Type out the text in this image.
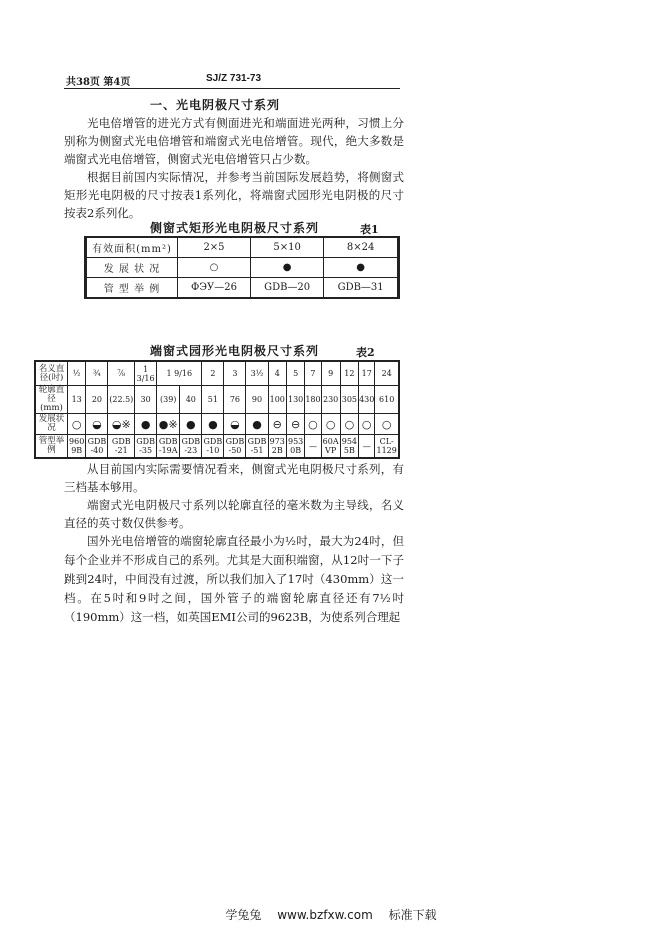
共38页 第4页	SJ/Z 731-73
一、光电阴极尺寸系列

光电倍增管的进光方式有侧面进光和端面进光两种，习惯上分别称为侧窗式光电倍增管和端窗式光电倍增管。现代，绝大多数是端窗式光电倍增管，侧窗式光电倍增管只占少数。

根据目前国内实际情况，并参考当前国际发展趋势，将侧窗式矩形光电阴极的尺寸按表1系列化，将端窗式园形光电阴极的尺寸按表2系列化。

侧窗式矩形光电阴极尺寸系列	表1
有效面积(mm²)	2×5	5×10	8×24
发 展 状 况	○	●	●
管 型 举 例	ФЭУ—26	GDB—20	GDB—31
端窗式园形光电阴极尺寸系列	表2
名义直径(吋)	½	¾	⅞	1 3/16	1 9/16		2	3	3½	4	5	7	9	12	17	24
轮廓直径(mm)	13	20	(22.5)	30	(39)	40	51	76	90	100	130	180	230	305	430	610
发展状况	○	◒	◒※	●	●※	●	●	◒	●	⊖	⊖	○	○	○	○	○
管型举例	960 9B	GDB -40	GDB -21	GDB -35	GDB -19A	GDB -23	GDB -10	GDB -50	GDB -51	973 2B	953 0B	—	60A VP	954 5B	—	CL-1129

从目前国内实际需要情况看来，侧窗式光电阴极尺寸系列，有三档基本够用。

端窗式光电阴极尺寸系列以轮廓直径的毫米数为主导线，名义直径的英寸数仅供参考。

国外光电倍增管的端窗轮廓直径最小为½吋，最大为24吋，但每个企业并不形成自己的系列。尤其是大面积端窗，从12吋一下子跳到24吋，中间没有过渡，所以我们加入了17吋（430mm）这一档。在5吋和9吋之间，国外管子的端窗轮廓直径还有7½吋（190mm）这一档，如英国EMI公司的9623B，为使系列合理起

学兔兔 www.bzfxw.com 标准下载
